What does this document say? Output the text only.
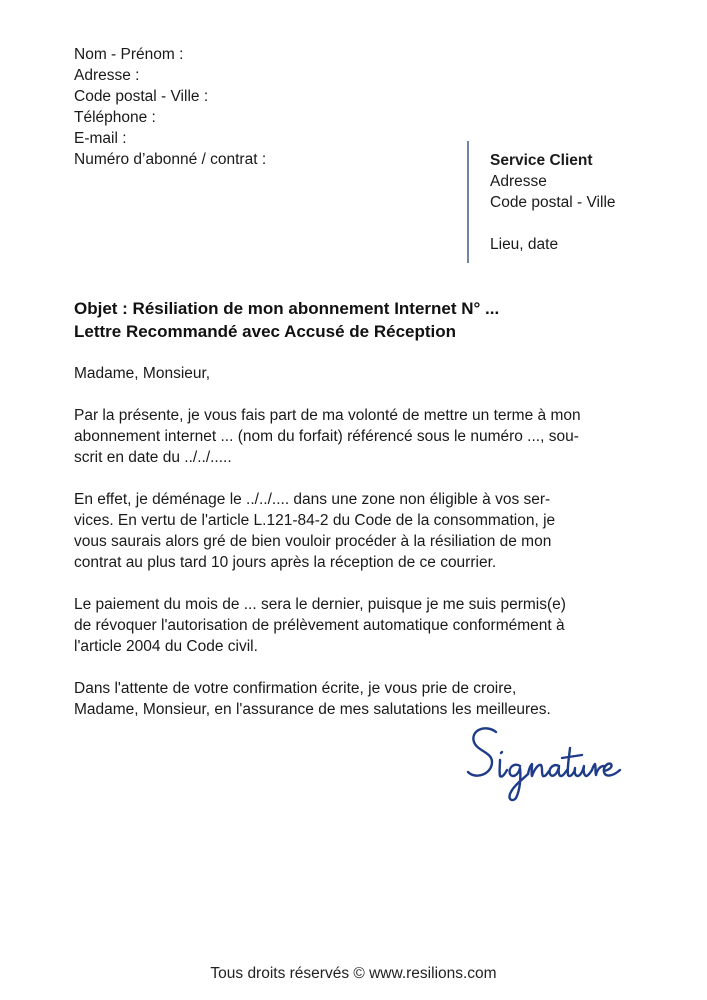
Nom - Prénom :
Adresse :
Code postal - Ville :
Téléphone :
E-mail :
Numéro d’abonné / contrat :	Service Client
Adresse
Code postal - Ville
Lieu, date
Objet : Résiliation de mon abonnement Internet N° ...
Lettre Recommandé avec Accusé de Réception

Madame, Monsieur,

Par la présente, je vous fais part de ma volonté de mettre un terme à mon
abonnement internet ... (nom du forfait) référencé sous le numéro ..., sou-
scrit en date du ../../.....

En effet, je déménage le ../../.... dans une zone non éligible à vos ser-
vices. En vertu de l'article L.121-84-2 du Code de la consommation, je
vous saurais alors gré de bien vouloir procéder à la résiliation de mon
contrat au plus tard 10 jours après la réception de ce courrier.

Le paiement du mois de ... sera le dernier, puisque je me suis permis(e)
de révoquer l'autorisation de prélèvement automatique conformément à
l'article 2004 du Code civil.

Dans l'attente de votre confirmation écrite, je vous prie de croire,
Madame, Monsieur, en l'assurance de mes salutations les meilleures.

Tous droits réservés © www.resilions.com
